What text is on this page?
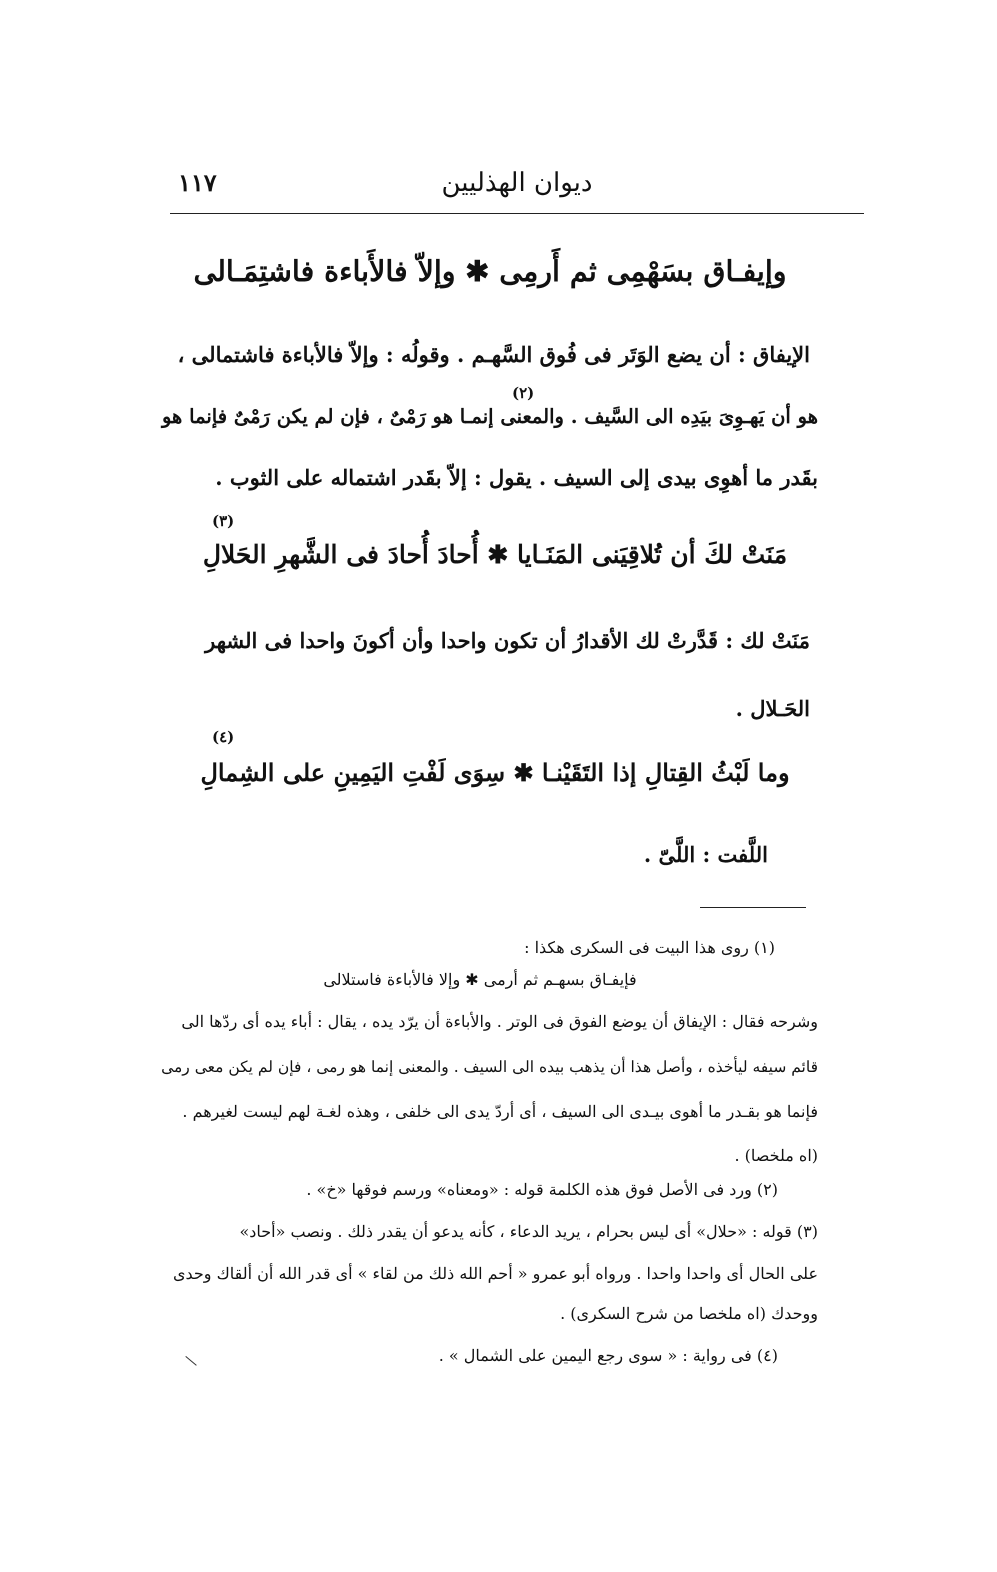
١١٧	ديوان الهذليين
وإيفـاق بسَهْمِى ثم أَرمِى ✱ وإلاّ فالأَباءة فاشتِمَـالى
الإيفاق : أن يضع الوَتَر فى فُوق السَّهـم . وقولُه : وإلاّ فالأباءة فاشتمالى ،
(٢)
هو أن يَهـوِىَ بيَدِه الى السَّيف . والمعنى إنمـا هو رَمْىٌ ، فإن لم يكن رَمْىٌ فإنما هو
بقَدر ما أهوِى بيدى إلى السيف . يقول : إلاّ بقَدر اشتماله على الثوب .
(٣)
مَنَتْ لكَ أن تُلاقِيَنى المَنَـايا ✱ أُحادَ أُحادَ فى الشَّهرِ الحَلالِ
مَنَتْ لك : قَدَّرتْ لك الأقدارُ أن تكون واحدا وأن أكونَ واحدا فى الشهر
الحَـلال .
(٤)
وما لَبْثُ القِتالِ إذا التَقَيْنـا ✱ سِوَى لَفْتِ اليَمِينِ على الشِمالِ
اللَّفت : اللَّىّ .
(١) روى هذا البيت فى السكرى هكذا :
فإيفـاق بسهـم ثم أرمى ✱ وإلا فالأباءة فاستلالى
وشرحه فقال : الإيفاق أن يوضع الفوق فى الوتر . والأباءة أن يرّد يده ، يقال : أباء يده أى ردّها الى
قائم سيفه ليأخذه ، وأصل هذا أن يذهب بيده الى السيف . والمعنى إنما هو رمى ، فإن لم يكن معى رمى
فإنما هو بقـدر ما أهوى بيـدى الى السيف ، أى أردّ يدى الى خلفى ، وهذه لغـة لهم ليست لغيرهم .
(اه ملخصا) .
(٢) ورد فى الأصل فوق هذه الكلمة قوله : «ومعناه» ورسم فوقها «خ» .
(٣) قوله : «حلال» أى ليس بحرام ، يريد الدعاء ، كأنه يدعو أن يقدر ذلك . ونصب «أحاد»
على الحال أى واحدا واحدا . ورواه أبو عمرو « أحم الله ذلك من لقاء » أى قدر الله أن ألقاك وحدى
ووحدك (اه ملخصا من شرح السكرى) .
(٤) فى رواية : « سوى رجع اليمين على الشمال » .
